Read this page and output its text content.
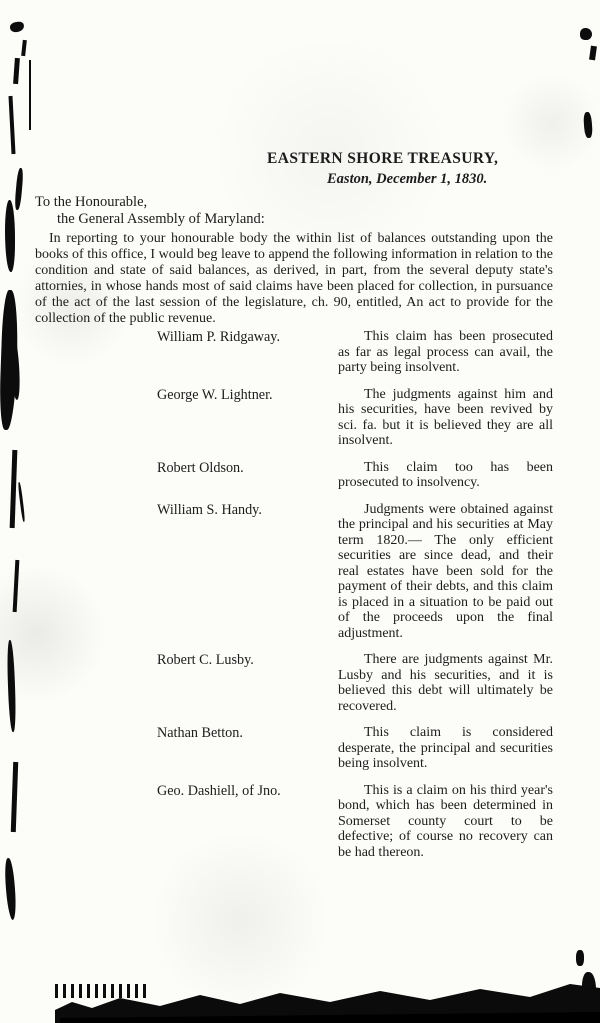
EASTERN SHORE TREASURY,
Easton, December 1, 1830.
To the Honourable,
the General Assembly of Maryland:

In reporting to your honourable body the within list of balances outstanding upon the books of this office, I would beg leave to append the following information in relation to the condition and state of said balances, as derived, in part, from the several deputy state's attornies, in whose hands most of said claims have been placed for collection, in pursuance of the act of the last session of the legislature, ch. 90, entitled, An act to provide for the collection of the public revenue.

William P. Ridgaway.	This claim has been prosecuted as far as legal process can avail, the party being insolvent.

George W. Lightner.	The judgments against him and his securities, have been revived by sci. fa. but it is believed they are all insolvent.

Robert Oldson.	This claim too has been prosecuted to insolvency.

William S. Handy.	Judgments were obtained against the principal and his securities at May term 1820.— The only efficient securities are since dead, and their real estates have been sold for the payment of their debts, and this claim is placed in a situation to be paid out of the proceeds upon the final adjustment.

Robert C. Lusby.	There are judgments against Mr. Lusby and his securities, and it is believed this debt will ultimately be recovered.

Nathan Betton.	This claim is considered desperate, the principal and securities being insolvent.

Geo. Dashiell, of Jno.	This is a claim on his third year's bond, which has been determined in Somerset county court to be defective; of course no recovery can be had thereon.
